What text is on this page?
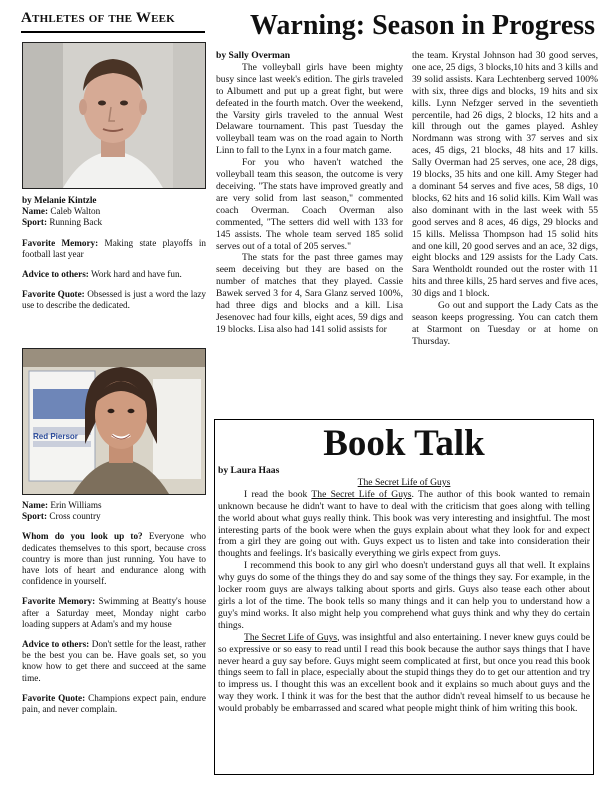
Athletes of the Week

by Melanie Kintzle

Name: Caleb Walton

Sport: Running Back

Favorite Memory: Making state playoffs in football last year

Advice to others: Work hard and have fun.

Favorite Quote: Obsessed is just a word the lazy use to describe the dedicated.

Red Piersor

Name: Erin Williams

Sport: Cross country

Whom do you look up to? Everyone who dedicates themselves to this sport, because cross country is more than just running. You have to have lots of heart and endurance along with confidence in yourself.

Favorite Memory: Swimming at Beatty's house after a Saturday meet, Monday night carbo loading suppers at Adam's and my house

Advice to others: Don't settle for the least, rather be the best you can be. Have goals set, so you know how to get there and succeed at the same time.

Favorite Quote: Champions expect pain, endure pain, and never complain.

Warning: Season in Progress

by Sally Overman

The volleyball girls have been mighty busy since last week's edition. The girls traveled to Albumett and put up a great fight, but were defeated in the fourth match. Over the weekend, the Varsity girls traveled to the annual West Delaware tournament. This past Tuesday the volleyball team was on the road again to North Linn to fall to the Lynx in a four match game.

For you who haven't watched the volleyball team this season, the outcome is very deceiving. "The stats have improved greatly and are very solid from last season," commented coach Overman. Coach Overman also commented, "The setters did well with 133 for 145 assists. The whole team served 185 solid serves out of a total of 205 serves."

The stats for the past three games may seem deceiving but they are based on the number of matches that they played. Cassie Bawek served 3 for 4, Sara Glanz served 100%, had three digs and blocks and a kill. Lisa Jesenovec had four kills, eight aces, 59 digs and 19 blocks. Lisa also had 141 solid assists for

the team. Krystal Johnson had 30 good serves, one ace, 25 digs, 3 blocks,10 hits and 3 kills and 39 solid assists. Kara Lechtenberg served 100% with six, three digs and blocks, 19 hits and six kills. Lynn Nefzger served in the seventieth percentile, had 26 digs, 2 blocks, 12 hits and a kill through out the games played. Ashley Nordmann was strong with 37 serves and six aces, 45 digs, 21 blocks, 48 hits and 17 kills. Sally Overman had 25 serves, one ace, 28 digs, 19 blocks, 35 hits and one kill. Amy Steger had a dominant 54 serves and five aces, 58 digs, 10 blocks, 62 hits and 16 solid kills. Kim Wall was also dominant with in the last week with 55 good serves and 8 aces, 46 digs, 29 blocks and 15 kills. Melissa Thompson had 15 solid hits and one kill, 20 good serves and an ace, 32 digs, eight blocks and 129 assists for the Lady Cats. Sara Wentholdt rounded out the roster with 11 hits and three kills, 25 hard serves and five aces, 30 digs and 1 block.

Go out and support the Lady Cats as the season keeps progressing. You can catch them at Starmont on Tuesday or at home on Thursday.

Book Talk

by Laura Haas

The Secret Life of Guys

I read the book The Secret Life of Guys. The author of this book wanted to remain unknown because he didn't want to have to deal with the criticism that goes along with telling the world about what guys really think. This book was very interesting and insightful. The most interesting parts of the book were when the guys explain about what they look for and expect from a girl they are going out with. Guys expect us to listen and take into consideration their thoughts and feelings. It's basically everything we girls expect from guys.

I recommend this book to any girl who doesn't understand guys all that well. It explains why guys do some of the things they do and say some of the things they say. For example, in the locker room guys are always talking about sports and girls. Guys also tease each other about girls a lot of the time. The book tells so many things and it can help you to understand how a guy's mind works. It also might help you comprehend what guys think and why they do certain things.

The Secret Life of Guys, was insightful and also entertaining. I never knew guys could be so expressive or so easy to read until I read this book because the author says things that I have never heard a guy say before. Guys might seem complicated at first, but once you read this book things seem to fall in place, especially about the stupid things they do to get our attention and try to impress us. I thought this was an excellent book and it explains so much about guys and the way they work. I think it was for the best that the author didn't reveal himself to us because he would probably be embarrassed and scared what people might think of him writing this book.
